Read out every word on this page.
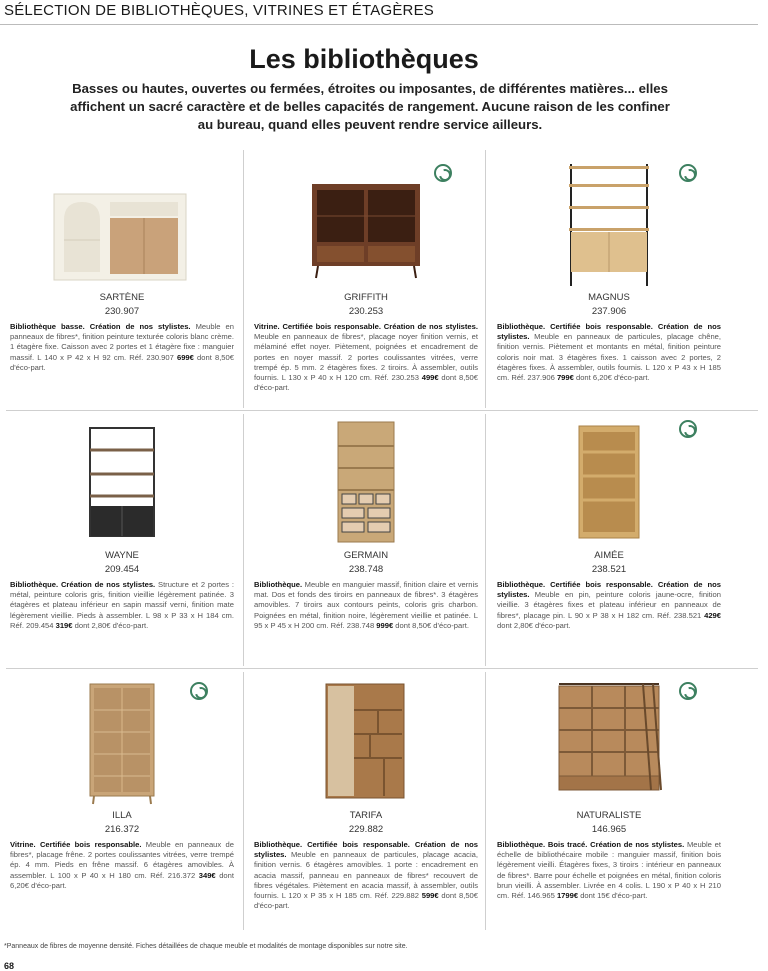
SÉLECTION DE BIBLIOTHÈQUES, VITRINES ET ÉTAGÈRES
Les bibliothèques
Basses ou hautes, ouvertes ou fermées, étroites ou imposantes, de différentes matières... elles affichent un sacré caractère et de belles capacités de rangement. Aucune raison de les confiner au bureau, quand elles peuvent rendre service ailleurs.
SARTÈNE
230.907
Bibliothèque basse. Création de nos stylistes. Meuble en panneaux de fibres*, finition peinture texturée coloris blanc crème. 1 étagère fixe. Caisson avec 2 portes et 1 étagère fixe : manguier massif. L 140 x P 42 x H 92 cm. Réf. 230.907 699€ dont 8,50€ d'éco-part.
GRIFFITH
230.253
Vitrine. Certifiée bois responsable. Création de nos stylistes. Meuble en panneaux de fibres*, placage noyer finition vernis, et mélaminé effet noyer. Piètement, poignées et encadrement de portes en noyer massif. 2 portes coulissantes vitrées, verre trempé ép. 5 mm. 2 étagères fixes. 2 tiroirs. À assembler, outils fournis. L 130 x P 40 x H 120 cm. Réf. 230.253 499€ dont 8,50€ d'éco-part.
MAGNUS
237.906
Bibliothèque. Certifiée bois responsable. Création de nos stylistes. Meuble en panneaux de particules, placage chêne, finition vernis. Piètement et montants en métal, finition peinture coloris noir mat. 3 étagères fixes. 1 caisson avec 2 portes, 2 étagères fixes. À assembler, outils fournis. L 120 x P 43 x H 185 cm. Réf. 237.906 799€ dont 6,20€ d'éco-part.
WAYNE
209.454
Bibliothèque. Création de nos stylistes. Structure et 2 portes : métal, peinture coloris gris, finition vieillie légèrement patinée. 3 étagères et plateau inférieur en sapin massif verni, finition mate légèrement vieillie. Pieds à assembler. L 98 x P 33 x H 184 cm. Réf. 209.454 319€ dont 2,80€ d'éco-part.
GERMAIN
238.748
Bibliothèque. Meuble en manguier massif, finition claire et vernis mat. Dos et fonds des tiroirs en panneaux de fibres*. 3 étagères amovibles. 7 tiroirs aux contours peints, coloris gris charbon. Poignées en métal, finition noire, légèrement vieillie et patinée. L 95 x P 45 x H 200 cm. Réf. 238.748 999€ dont 8,50€ d'éco-part.
AIMÉE
238.521
Bibliothèque. Certifiée bois responsable. Création de nos stylistes. Meuble en pin, peinture coloris jaune-ocre, finition vieillie. 3 étagères fixes et plateau inférieur en panneaux de fibres*, placage pin. L 90 x P 38 x H 182 cm. Réf. 238.521 429€ dont 2,80€ d'éco-part.
ILLA
216.372
Vitrine. Certifiée bois responsable. Meuble en panneaux de fibres*, placage frêne. 2 portes coulissantes vitrées, verre trempé ép. 4 mm. Pieds en frêne massif. 6 étagères amovibles. À assembler. L 100 x P 40 x H 180 cm. Réf. 216.372 349€ dont 6,20€ d'éco-part.
TARIFA
229.882
Bibliothèque. Certifiée bois responsable. Création de nos stylistes. Meuble en panneaux de particules, placage acacia, finition vernis. 6 étagères amovibles. 1 porte : encadrement en acacia massif, panneau en panneaux de fibres* recouvert de fibres végétales. Piètement en acacia massif, à assembler, outils fournis. L 120 x P 35 x H 185 cm. Réf. 229.882 599€ dont 8,50€ d'éco-part.
NATURALISTE
146.965
Bibliothèque. Bois tracé. Création de nos stylistes. Meuble et échelle de bibliothécaire mobile : manguier massif, finition bois légèrement vieilli. Étagères fixes, 3 tiroirs : intérieur en panneaux de fibres*. Barre pour échelle et poignées en métal, finition coloris brun vieilli. À assembler. Livrée en 4 colis. L 190 x P 40 x H 210 cm. Réf. 146.965 1799€ dont 15€ d'éco-part.
*Panneaux de fibres de moyenne densité. Fiches détaillées de chaque meuble et modalités de montage disponibles sur notre site.
68
